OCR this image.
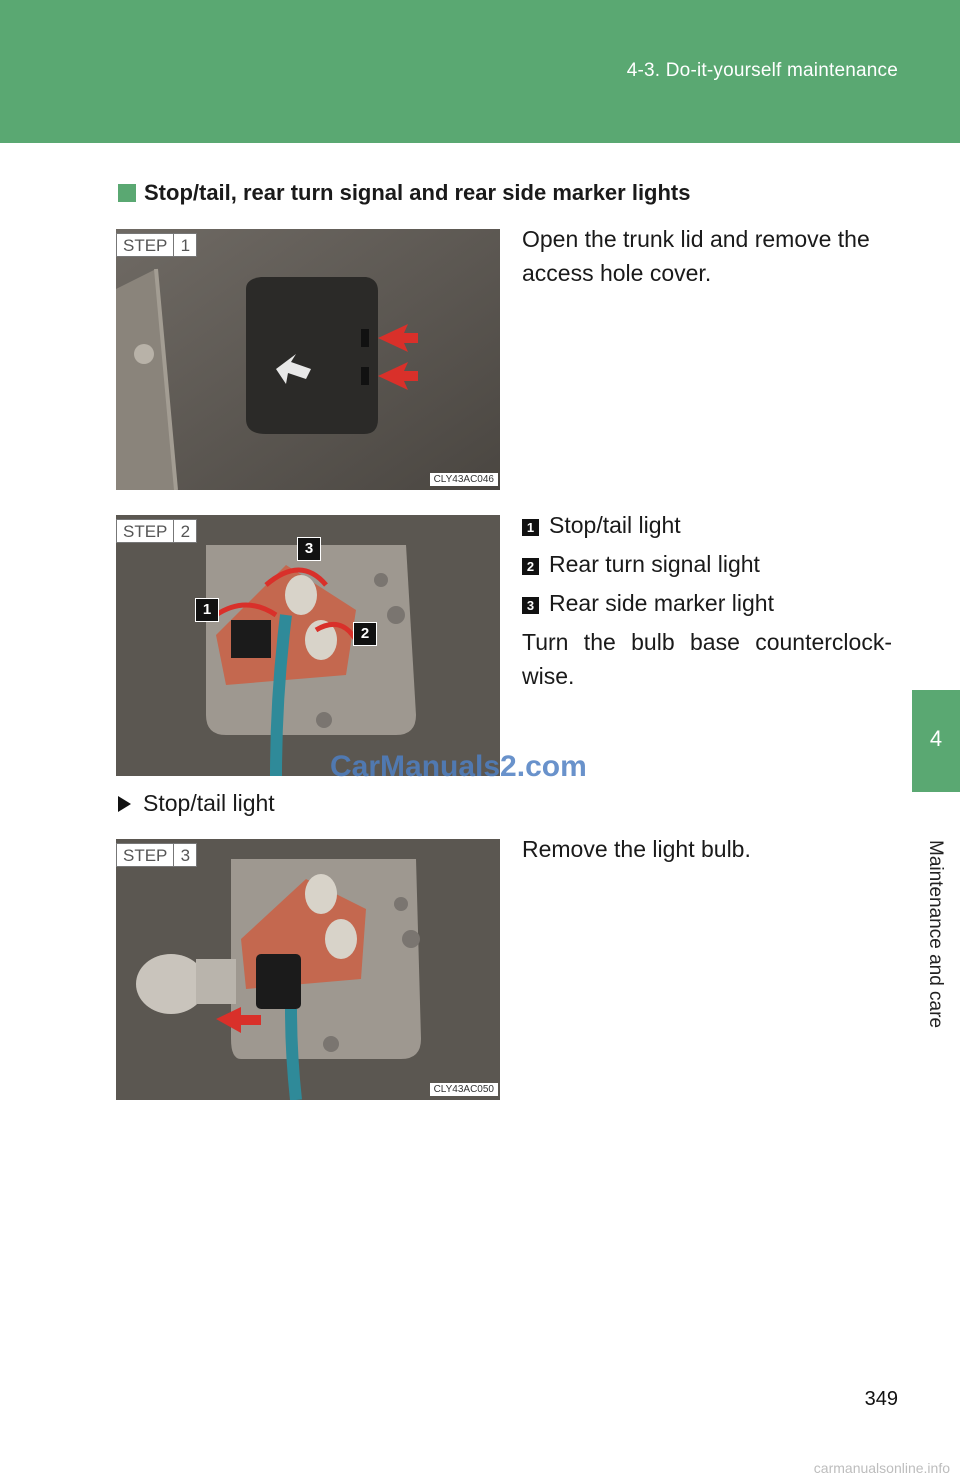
4-3. Do-it-yourself maintenance
4
Maintenance and care
Stop/tail, rear turn signal and rear side marker lights
STEP 1
CLY43AC046
Open the trunk lid and remove the access hole cover.
3
1
2
STEP 2	1 Stop/tail light
2 Rear turn signal light
3 Rear side marker light
Turn the bulb base counterclock-wise.
CarManuals2.com
Stop/tail light
STEP 3
CLY43AC050
Remove the light bulb.
349
carmanualsonline.info
